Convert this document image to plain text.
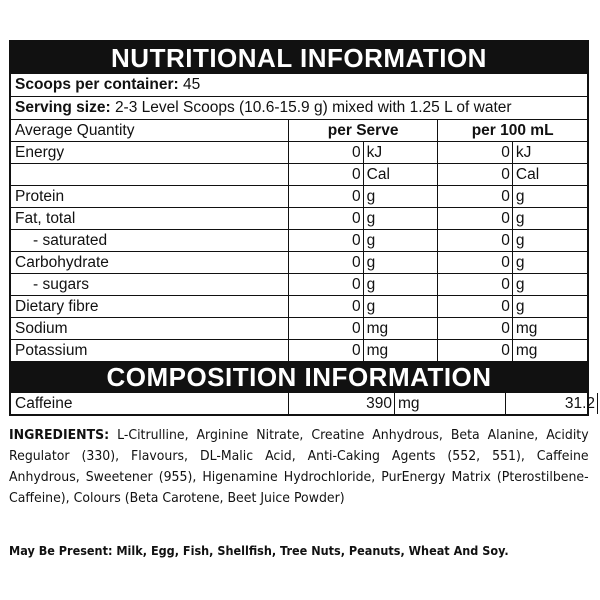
NUTRITIONAL INFORMATION
Scoops per container: 45
Serving size: 2-3 Level Scoops (10.6-15.9 g) mixed with 1.25 L of water
Average Quantity	per Serve		per 100 mL	
Energy	0	kJ	0	kJ
	0	Cal	0	Cal
Protein	0	g	0	g
Fat, total	0	g	0	g
- saturated	0	g	0	g
Carbohydrate	0	g	0	g
- sugars	0	g	0	g
Dietary fibre	0	g	0	g
Sodium	0	mg	0	mg
Potassium	0	mg	0	mg
COMPOSITION INFORMATION
Caffeine	390	mg	31.2	
INGREDIENTS: L-Citrulline, Arginine Nitrate, Creatine Anhydrous, Beta Alanine, Acidity Regulator (330), Flavours, DL-Malic Acid, Anti-Caking Agents (552, 551), Caffeine Anhydrous, Sweetener (955), Higenamine Hydrochloride, PurEnergy Matrix (Pterostilbene-Caffeine), Colours (Beta Carotene, Beet Juice Powder)
May Be Present: Milk, Egg, Fish, Shellfish, Tree Nuts, Peanuts, Wheat And Soy.
